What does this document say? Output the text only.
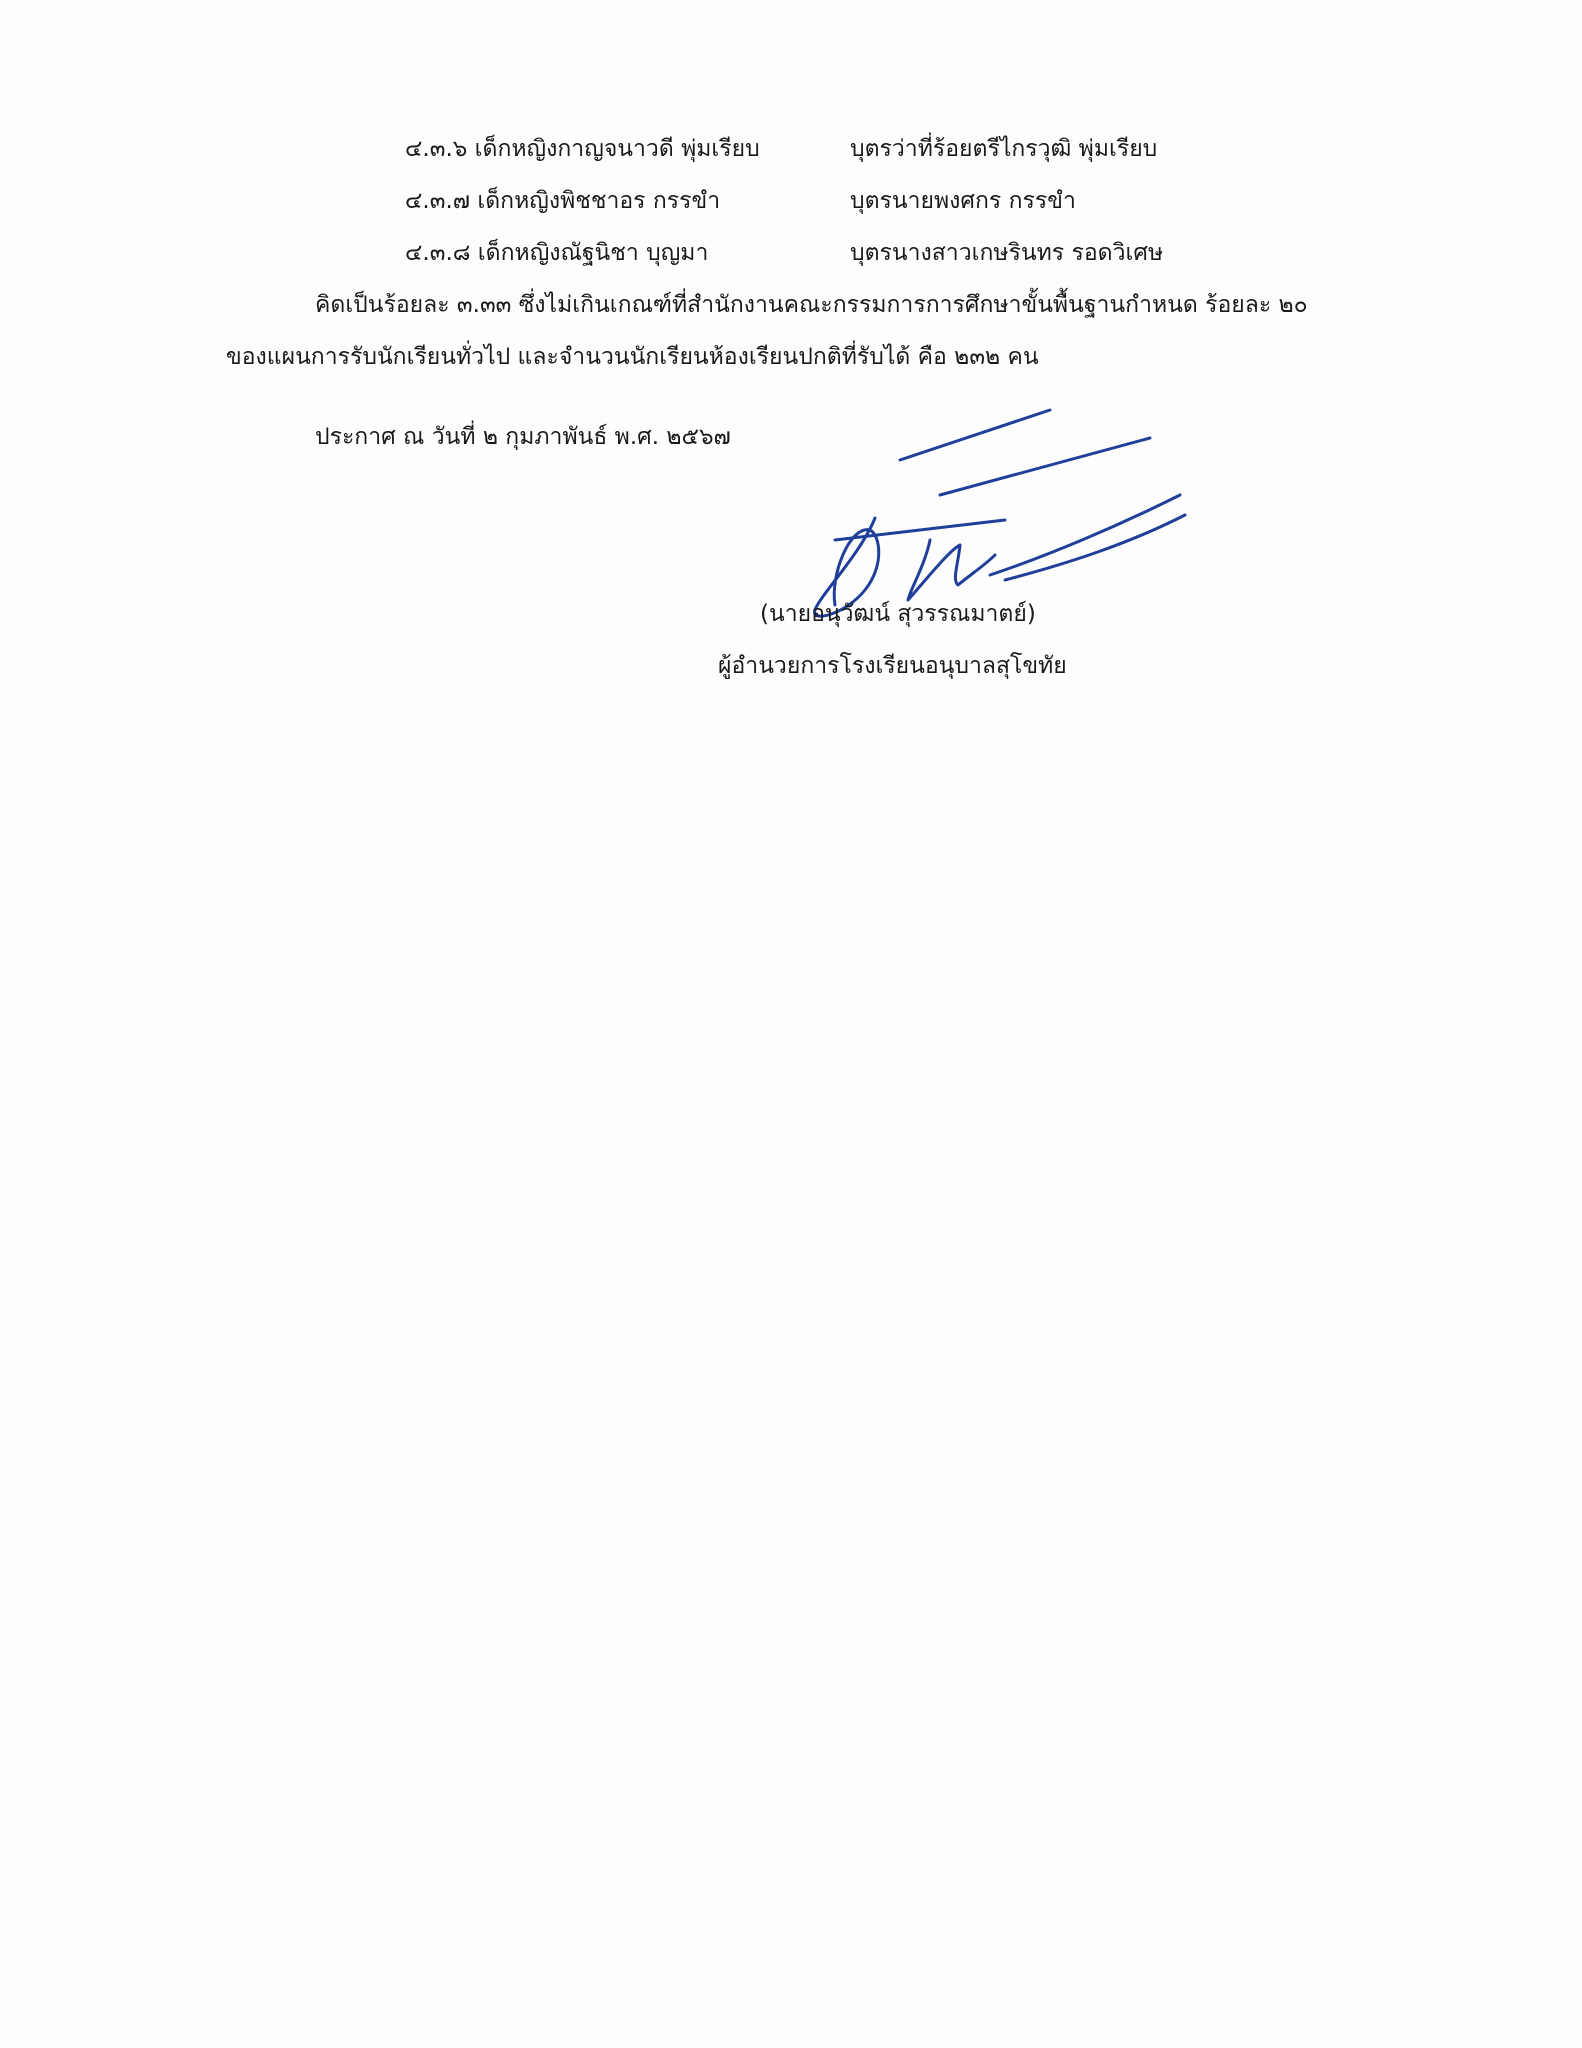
๔.๓.๖ เด็กหญิงกาญจนาวดี พุ่มเรียบ	บุตรว่าที่ร้อยตรีไกรวุฒิ พุ่มเรียบ
๔.๓.๗ เด็กหญิงพิชชาอร กรรขำ	บุตรนายพงศกร กรรขำ
๔.๓.๘ เด็กหญิงณัฐนิชา บุญมา	บุตรนางสาวเกษรินทร รอดวิเศษ
คิดเป็นร้อยละ ๓.๓๓ ซึ่งไม่เกินเกณฑ์ที่สำนักงานคณะกรรมการการศึกษาขั้นพื้นฐานกำหนด ร้อยละ ๒๐
ของแผนการรับนักเรียนทั่วไป และจำนวนนักเรียนห้องเรียนปกติที่รับได้ คือ ๒๓๒ คน
ประกาศ ณ วันที่ ๒ กุมภาพันธ์ พ.ศ. ๒๕๖๗
(นายอนุวัฒน์ สุวรรณมาตย์)
ผู้อำนวยการโรงเรียนอนุบาลสุโขทัย
